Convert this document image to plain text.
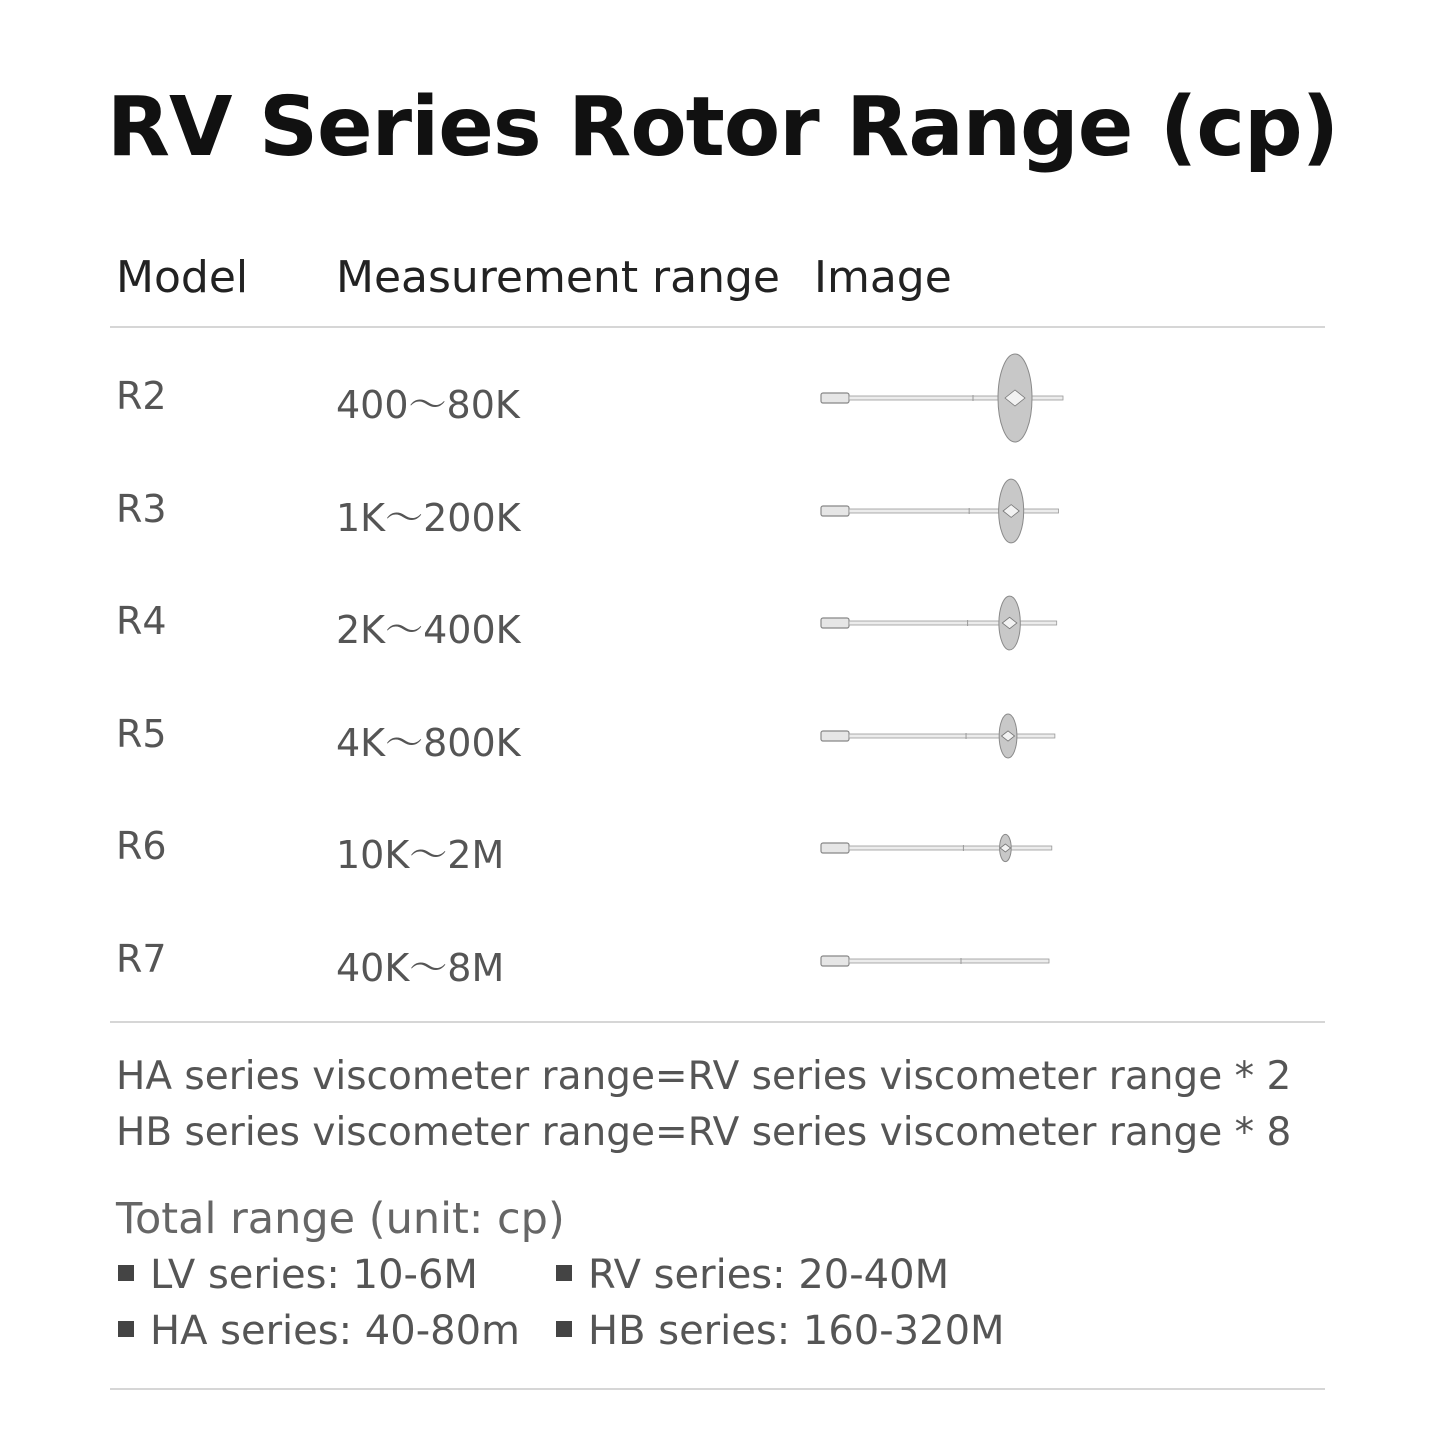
RV Series Rotor Range (cp)
Model Measurement range Image
R2	400～80K
R3	1K～200K
R4	2K～400K
R5	4K～800K
R6	10K～2M
R7	40K～8M
HA series viscometer range=RV series viscometer range * 2
HB series viscometer range=RV series viscometer range * 8
Total range (unit: cp)
LV series: 10-6M	RV series: 20-40M
HA series: 40-80m	HB series: 160-320M
